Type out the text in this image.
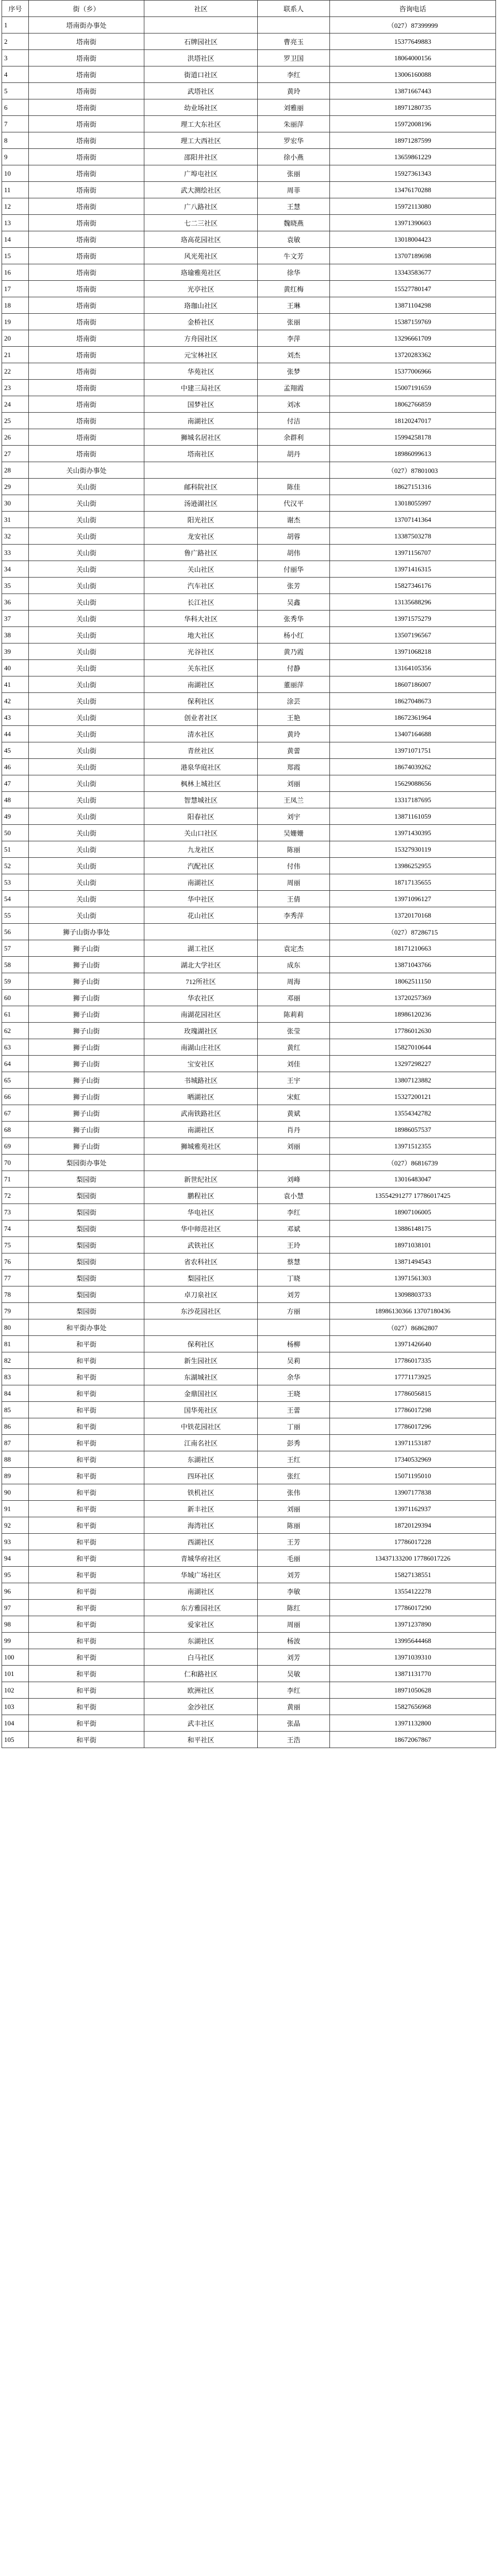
序号	街（乡）	社区	联系人	咨询电话
1	塔南街办事处			（027）87399999
2	塔南街	石牌园社区	曹亮玉	15377649883
3	塔南街	洪塔社区	罗卫国	18064000156
4	塔南街	街道口社区	李红	13006160088
5	塔南街	武塔社区	黄玲	13871667443
6	塔南街	幼业场社区	刘雅丽	18971280735
7	塔南街	理工大东社区	朱丽萍	15972008196
8	塔南街	理工大西社区	罗宏华	18971287599
9	塔南街	邵阳井社区	徐小燕	13659861229
10	塔南街	广埠屯社区	张丽	15927361343
11	塔南街	武大测绘社区	周菲	13476170288
12	塔南街	广八路社区	王慧	15972113080
13	塔南街	七二三社区	魏晓燕	13971390603
14	塔南街	珞高花园社区	袁敏	13018004423
15	塔南街	风光苑社区	牛文芳	13707189698
16	塔南街	珞瑜雅苑社区	徐华	13343583677
17	塔南街	光亭社区	黄红梅	15527780147
18	塔南街	珞珈山社区	王琳	13871104298
19	塔南街	金桥社区	张丽	15387159769
20	塔南街	方舟园社区	李萍	13296661709
21	塔南街	元宝林社区	刘杰	13720283362
22	塔南街	华苑社区	张梦	15377006966
23	塔南街	中建三局社区	孟翔霞	15007191659
24	塔南街	国梦社区	刘冰	18062766859
25	塔南街	南湖社区	付洁	18120247017
26	塔南街	狮城名居社区	余群利	15994258178
27	塔南街	塔南社区	胡丹	18986099613
28	关山街办事处			（027）87801003
29	关山街	邮科院社区	陈佳	18627151316
30	关山街	汤逊湖社区	代汉平	13018055997
31	关山街	阳光社区	谢杰	13707141364
32	关山街	龙安社区	胡蓉	13387503278
33	关山街	鲁广路社区	胡伟	13971156707
34	关山街	关山社区	付丽华	13971416315
35	关山街	汽车社区	张芳	15827346176
36	关山街	长江社区	吴鑫	13135688296
37	关山街	华科大社区	张秀华	13971575279
38	关山街	地大社区	杨小红	13507196567
39	关山街	光谷社区	黄乃霞	13971068218
40	关山街	关东社区	付静	13164105356
41	关山街	南湖社区	董丽萍	18607186007
42	关山街	保利社区	涂芸	18627048673
43	关山街	创业者社区	王艳	18672361964
44	关山街	清水社区	黄玲	13407164688
45	关山街	青丝社区	黄蕾	13971071751
46	关山街	港泉华庭社区	郑霞	18674039262
47	关山街	枫林上城社区	刘丽	15629088656
48	关山街	智慧城社区	王凤兰	13317187695
49	关山街	阳春社区	刘宇	13871161059
50	关山街	关山口社区	吴姗姗	13971430395
51	关山街	九龙社区	陈丽	15327930119
52	关山街	汽配社区	付伟	13986252955
53	关山街	南湖社区	周丽	18717135655
54	关山街	华中社区	王倩	13971096127
55	关山街	花山社区	李秀萍	13720170168
56	狮子山街办事处			（027）87286715
57	狮子山街	湖工社区	袁定杰	18171210663
58	狮子山街	湖北大学社区	成东	13871043766
59	狮子山街	712所社区	周海	18062511150
60	狮子山街	华农社区	邓丽	13720257369
61	狮子山街	南湖花园社区	陈莉莉	18986120236
62	狮子山街	玫瑰湖社区	张莹	17786012630
63	狮子山街	南湖山庄社区	黄红	15827010644
64	狮子山街	宝安社区	刘佳	13297298227
65	狮子山街	书城路社区	王宇	13807123882
66	狮子山街	晒湖社区	宋虹	15327200121
67	狮子山街	武南铁路社区	黄斌	13554342782
68	狮子山街	南湖社区	肖丹	18986057537
69	狮子山街	狮城雅苑社区	刘丽	13971512355
70	梨园街办事处			（027）86816739
71	梨园街	新世纪社区	刘峰	13016483047
72	梨园街	鹏程社区	袁小慧	13554291277 17786017425
73	梨园街	华电社区	李红	18907106005
74	梨园街	华中师范社区	邓斌	13886148175
75	梨园街	武铁社区	王玲	18971038101
76	梨园街	省农科社区	蔡慧	13871494543
77	梨园街	梨园社区	丁晓	13971561303
78	梨园街	卓刀泉社区	刘芳	13098803733
79	梨园街	东沙花园社区	方丽	18986130366 13707180436
80	和平街办事处			（027）86862807
81	和平街	保利社区	杨柳	13971426640
82	和平街	新生园社区	吴莉	17786017335
83	和平街	东湖城社区	余华	17771173925
84	和平街	金鼎国社区	王晓	17786056815
85	和平街	国华苑社区	王蕾	17786017298
86	和平街	中铁花园社区	丁丽	17786017296
87	和平街	江南名社区	彭秀	13971153187
88	和平街	东湖社区	王红	17340532969
89	和平街	四环社区	张红	15071195010
90	和平街	铁机社区	张伟	13907177838
91	和平街	新丰社区	刘丽	13971162937
92	和平街	海湾社区	陈丽	18720129394
93	和平街	西湖社区	王芳	17786017228
94	和平街	青城华府社区	毛丽	13437133200 17786017226
95	和平街	华城广场社区	刘芳	15827138551
96	和平街	南湖社区	李敏	13554122278
97	和平街	东方雅园社区	陈红	17786017290
98	和平街	爱家社区	周丽	13971237890
99	和平街	东湖社区	杨波	13995644468
100	和平街	白马社区	刘芳	13971039310
101	和平街	仁和路社区	吴敏	13871131770
102	和平街	欧洲社区	李红	18971050628
103	和平街	金沙社区	黄丽	15827656968
104	和平街	武丰社区	张晶	13971132800
105	和平街	和平社区	王浩	18672067867
